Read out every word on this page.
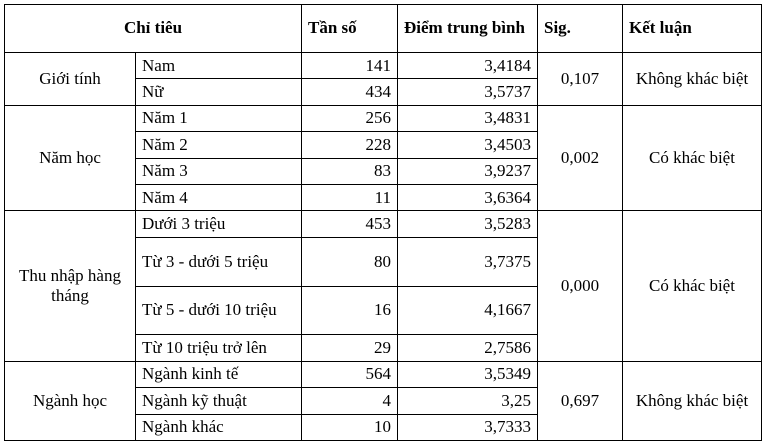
Chỉ tiêu		Tần số	Điểm trung bình	Sig.	Kết luận
Giới tính	Nam	141	3,4184	0,107	Không khác biệt
	Nữ	434	3,5737		
Năm học	Năm 1	256	3,4831	0,002	Có khác biệt
	Năm 2	228	3,4503		
	Năm 3	83	3,9237		
	Năm 4	11	3,6364		
Thu nhập hàng tháng	Dưới 3 triệu	453	3,5283	0,000	Có khác biệt
	Từ 3 - dưới 5 triệu	80	3,7375		
	Từ 5 - dưới 10 triệu	16	4,1667		
	Từ 10 triệu trở lên	29	2,7586		
Ngành học	Ngành kinh tế	564	3,5349	0,697	Không khác biệt
	Ngành kỹ thuật	4	3,25		
	Ngành khác	10	3,7333		
